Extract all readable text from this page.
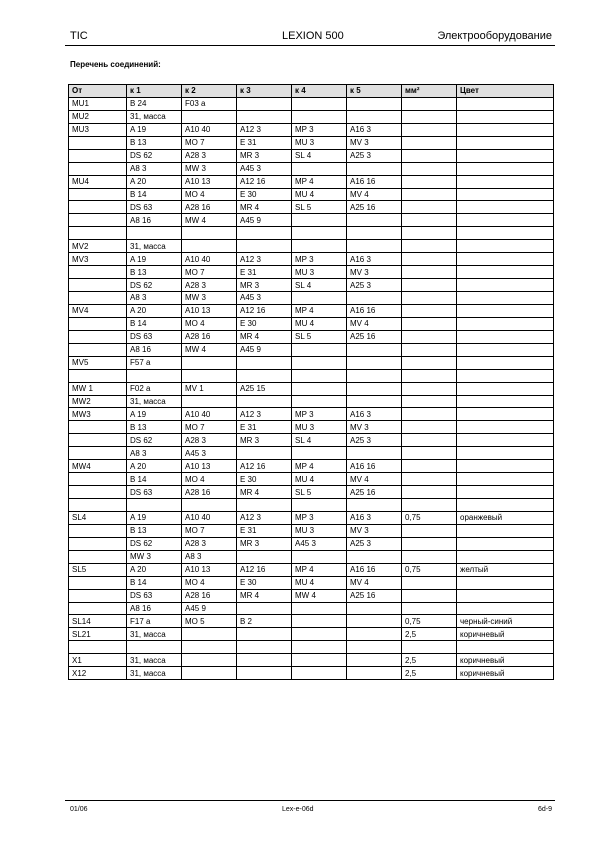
TIC	LEXION 500	Электрооборудование
Перечень соединений:
От	к 1	к 2	к 3	к 4	к 5	мм²	Цвет
MU1	B 24	F03 a					
MU2	31, масса						
MU3	A 19	A10 40	A12 3	MP 3	A16 3		
	B 13	MO 7	E 31	MU 3	MV 3		
	DS 62	A28 3	MR 3	SL 4	A25 3		
	A8 3	MW 3	A45 3				
MU4	A 20	A10 13	A12 16	MP 4	A16 16		
	B 14	MO 4	E 30	MU 4	MV 4		
	DS 63	A28 16	MR 4	SL 5	A25 16		
	A8 16	MW 4	A45 9				

MV2	31, масса						
MV3	A 19	A10 40	A12 3	MP 3	A16 3		
	B 13	MO 7	E 31	MU 3	MV 3		
	DS 62	A28 3	MR 3	SL 4	A25 3		
	A8 3	MW 3	A45 3				
MV4	A 20	A10 13	A12 16	MP 4	A16 16		
	B 14	MO 4	E 30	MU 4	MV 4		
	DS 63	A28 16	MR 4	SL 5	A25 16		
	A8 16	MW 4	A45 9				
MV5	F57 a						

MW 1	F02 a	MV 1	A25 15				
MW2	31, масса						
MW3	A 19	A10 40	A12 3	MP 3	A16 3		
	B 13	MO 7	E 31	MU 3	MV 3		
	DS 62	A28 3	MR 3	SL 4	A25 3		
	A8 3	A45 3					
MW4	A 20	A10 13	A12 16	MP 4	A16 16		
	B 14	MO 4	E 30	MU 4	MV 4		
	DS 63	A28 16	MR 4	SL 5	A25 16		

SL4	A 19	A10 40	A12 3	MP 3	A16 3	0,75	оранжевый
	B 13	MO 7	E 31	MU 3	MV 3		
	DS 62	A28 3	MR 3	A45 3	A25 3		
	MW 3	A8 3					
SL5	A 20	A10 13	A12 16	MP 4	A16 16	0,75	желтый
	B 14	MO 4	E 30	MU 4	MV 4		
	DS 63	A28 16	MR 4	MW 4	A25 16		
	A8 16	A45 9					
SL14	F17 a	MO 5	B 2			0,75	черный-синий
SL21	31, масса					2,5	коричневый

X1	31, масса					2,5	коричневый
X12	31, масса					2,5	коричневый
01/06	Lex-e-06d	6d-9
